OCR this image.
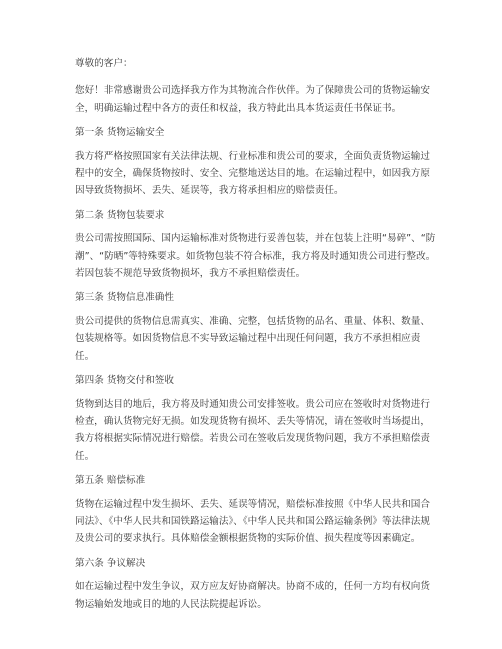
尊敬的客户：

您好！非常感谢贵公司选择我方作为其物流合作伙伴。为了保障贵公司的货物运输安全，明确运输过程中各方的责任和权益，我方特此出具本货运责任书保证书。

第一条 货物运输安全

我方将严格按照国家有关法律法规、行业标准和贵公司的要求，全面负责货物运输过程中的安全，确保货物按时、安全、完整地送达目的地。在运输过程中，如因我方原因导致货物损坏、丢失、延误等，我方将承担相应的赔偿责任。

第二条 货物包装要求

贵公司需按照国际、国内运输标准对货物进行妥善包装，并在包装上注明“易碎”、“防潮”、“防晒”等特殊要求。如货物包装不符合标准，我方将及时通知贵公司进行整改。若因包装不规范导致货物损坏，我方不承担赔偿责任。

第三条 货物信息准确性

贵公司提供的货物信息需真实、准确、完整，包括货物的品名、重量、体积、数量、包装规格等。如因货物信息不实导致运输过程中出现任何问题，我方不承担相应责任。

第四条 货物交付和签收

货物到达目的地后，我方将及时通知贵公司安排签收。贵公司应在签收时对货物进行检查，确认货物完好无损。如发现货物有损坏、丢失等情况，请在签收时当场提出，我方将根据实际情况进行赔偿。若贵公司在签收后发现货物问题，我方不承担赔偿责任。

第五条 赔偿标准

货物在运输过程中发生损坏、丢失、延误等情况，赔偿标准按照《中华人民共和国合同法》、《中华人民共和国铁路运输法》、《中华人民共和国公路运输条例》等法律法规及贵公司的要求执行。具体赔偿金额根据货物的实际价值、损失程度等因素确定。

第六条 争议解决

如在运输过程中发生争议，双方应友好协商解决。协商不成的，任何一方均有权向货物运输始发地或目的地的人民法院提起诉讼。
